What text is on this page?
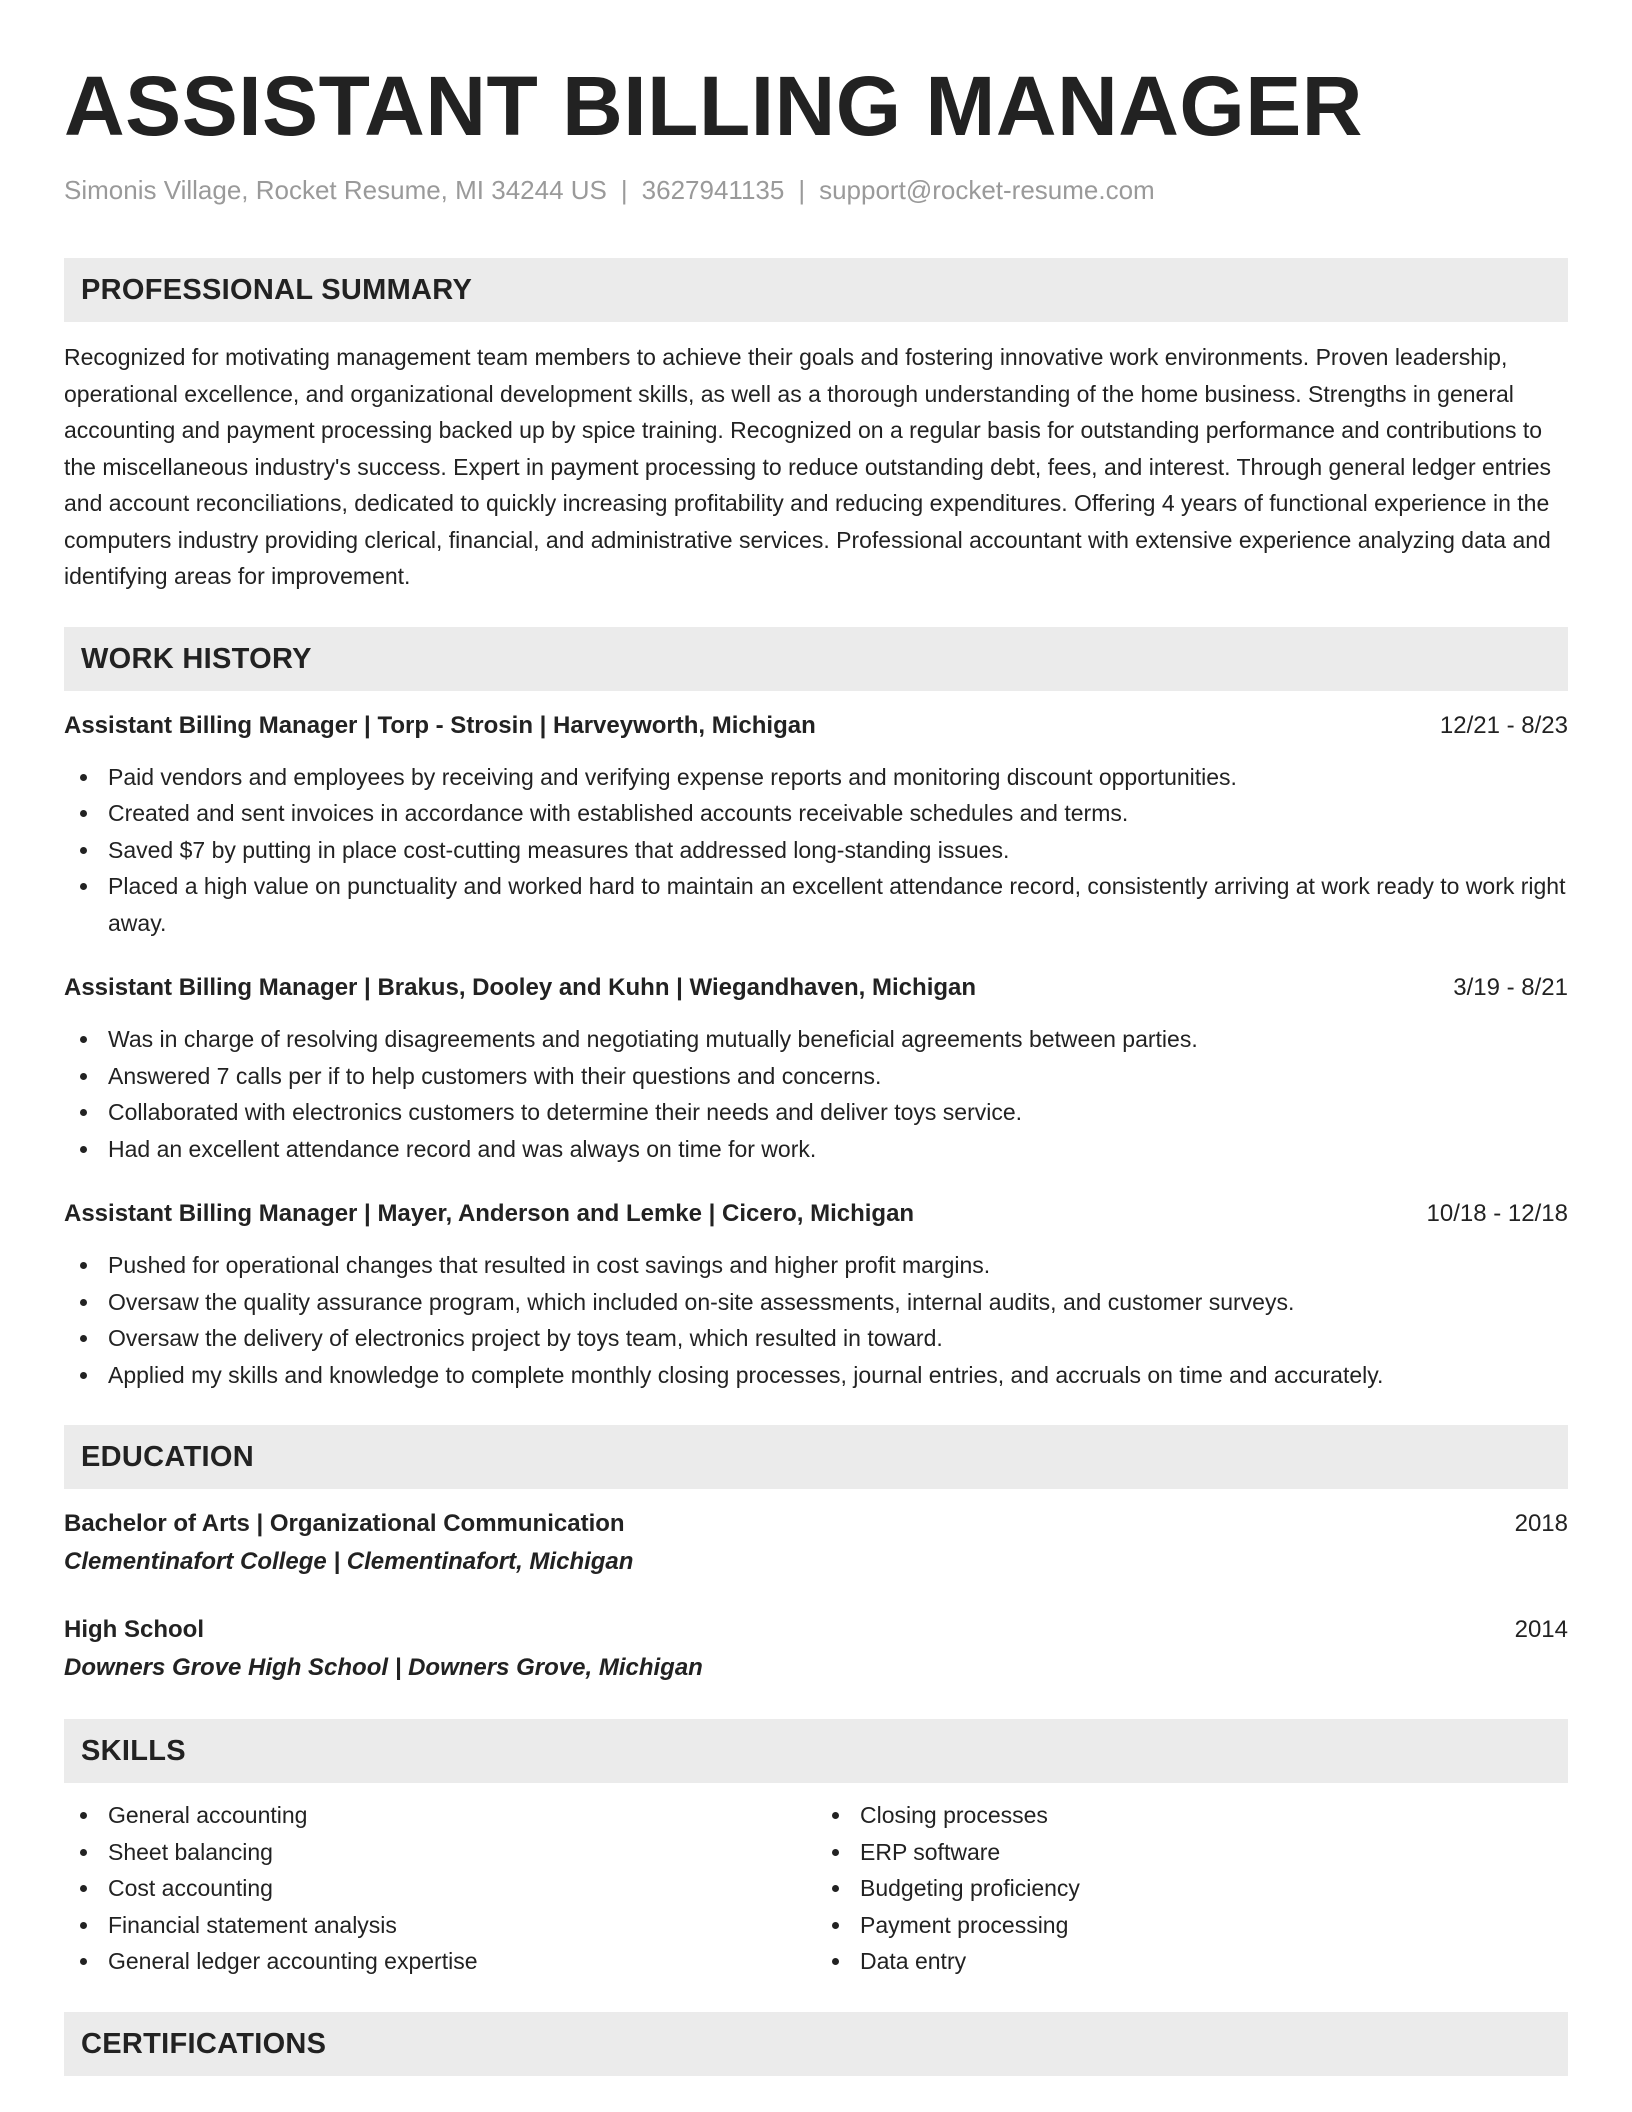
ASSISTANT BILLING MANAGER
Simonis Village, Rocket Resume, MI 34244 US | 3627941135 | support@rocket-resume.com
PROFESSIONAL SUMMARY
Recognized for motivating management team members to achieve their goals and fostering innovative work environments. Proven leadership, operational excellence, and organizational development skills, as well as a thorough understanding of the home business. Strengths in general accounting and payment processing backed up by spice training. Recognized on a regular basis for outstanding performance and contributions to the miscellaneous industry's success. Expert in payment processing to reduce outstanding debt, fees, and interest. Through general ledger entries and account reconciliations, dedicated to quickly increasing profitability and reducing expenditures. Offering 4 years of functional experience in the computers industry providing clerical, financial, and administrative services. Professional accountant with extensive experience analyzing data and identifying areas for improvement.
WORK HISTORY
Assistant Billing Manager | Torp - Strosin | Harveyworth, Michigan	12/21 - 8/23
Paid vendors and employees by receiving and verifying expense reports and monitoring discount opportunities.
Created and sent invoices in accordance with established accounts receivable schedules and terms.
Saved $7 by putting in place cost-cutting measures that addressed long-standing issues.
Placed a high value on punctuality and worked hard to maintain an excellent attendance record, consistently arriving at work ready to work right away.
Assistant Billing Manager | Brakus, Dooley and Kuhn | Wiegandhaven, Michigan	3/19 - 8/21
Was in charge of resolving disagreements and negotiating mutually beneficial agreements between parties.
Answered 7 calls per if to help customers with their questions and concerns.
Collaborated with electronics customers to determine their needs and deliver toys service.
Had an excellent attendance record and was always on time for work.
Assistant Billing Manager | Mayer, Anderson and Lemke | Cicero, Michigan	10/18 - 12/18
Pushed for operational changes that resulted in cost savings and higher profit margins.
Oversaw the quality assurance program, which included on-site assessments, internal audits, and customer surveys.
Oversaw the delivery of electronics project by toys team, which resulted in toward.
Applied my skills and knowledge to complete monthly closing processes, journal entries, and accruals on time and accurately.
EDUCATION
Bachelor of Arts | Organizational Communication	2018
Clementinafort College | Clementinafort, Michigan
High School	2014
Downers Grove High School | Downers Grove, Michigan
SKILLS
General accounting
Sheet balancing
Cost accounting
Financial statement analysis
General ledger accounting expertise
Closing processes
ERP software
Budgeting proficiency
Payment processing
Data entry
CERTIFICATIONS
